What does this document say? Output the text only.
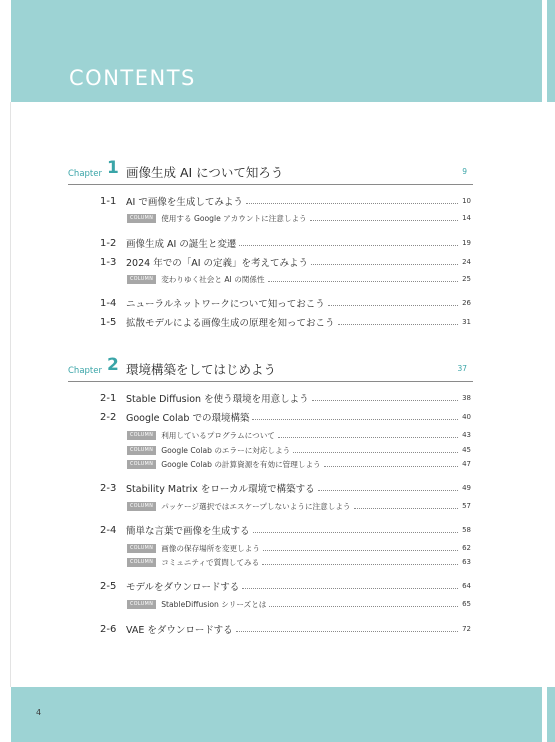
CONTENTS
Chapter 1 画像生成 AI について知ろう	9
1-1	AI で画像を生成してみよう	10
COLUMN	使用する Google アカウントに注意しよう	14
1-2	画像生成 AI の誕生と変遷	19
1-3	2024 年での「AI の定義」を考えてみよう	24
COLUMN	変わりゆく社会と AI の関係性	25
1-4	ニューラルネットワークについて知っておこう	26
1-5	拡散モデルによる画像生成の原理を知っておこう	31
Chapter 2 環境構築をしてはじめよう	37
2-1	Stable Diffusion を使う環境を用意しよう	38
2-2	Google Colab での環境構築	40
COLUMN	利用しているプログラムについて	43
COLUMN	Google Colab のエラーに対応しよう	45
COLUMN	Google Colab の計算資源を有効に管理しよう	47
2-3	Stability Matrix をローカル環境で構築する	49
COLUMN	パッケージ選択ではエスケープしないように注意しよう	57
2-4	簡単な言葉で画像を生成する	58
COLUMN	画像の保存場所を変更しよう	62
COLUMN	コミュニティで質問してみる	63
2-5	モデルをダウンロードする	64
COLUMN	StableDiffusion シリーズとは	65
2-6	VAE をダウンロードする	72
4
